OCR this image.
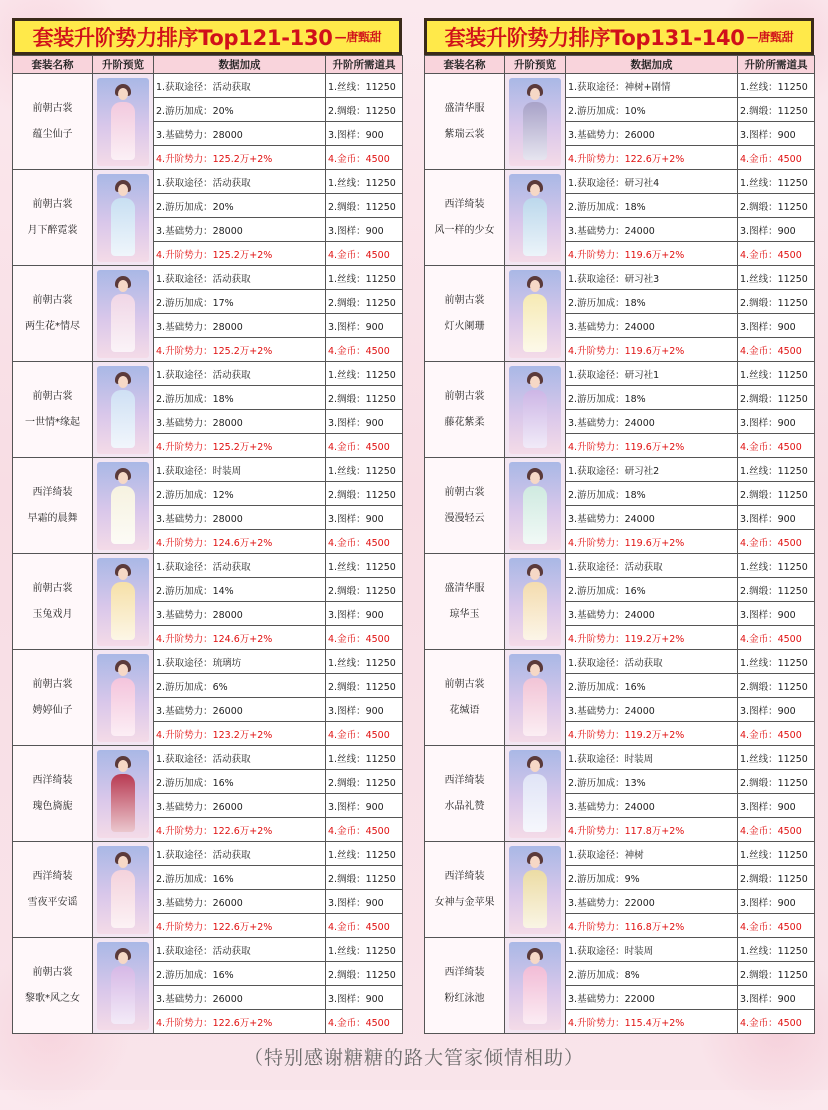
套装升阶势力排序Top121-130 —唐甄甜
套装名称	升阶预览	数据加成	升阶所需道具

前朝古裳
蕴尘仙子		1.获取途径：活动获取	1.丝线：11250
		2.游历加成：20%	2.绸缎：11250
		3.基础势力：28000	3.图样：900
		4.升阶势力：125.2万+2%	4.金币：4500

前朝古裳
月下醉霓裳		1.获取途径：活动获取	1.丝线：11250
		2.游历加成：20%	2.绸缎：11250
		3.基础势力：28000	3.图样：900
		4.升阶势力：125.2万+2%	4.金币：4500

前朝古裳
两生花*情尽		1.获取途径：活动获取	1.丝线：11250
		2.游历加成：17%	2.绸缎：11250
		3.基础势力：28000	3.图样：900
		4.升阶势力：125.2万+2%	4.金币：4500

前朝古裳
一世情*缘起		1.获取途径：活动获取	1.丝线：11250
		2.游历加成：18%	2.绸缎：11250
		3.基础势力：28000	3.图样：900
		4.升阶势力：125.2万+2%	4.金币：4500

西洋绮装
早霜的晨舞		1.获取途径：时装周	1.丝线：11250
		2.游历加成：12%	2.绸缎：11250
		3.基础势力：28000	3.图样：900
		4.升阶势力：124.6万+2%	4.金币：4500

前朝古裳
玉兔戏月		1.获取途径：活动获取	1.丝线：11250
		2.游历加成：14%	2.绸缎：11250
		3.基础势力：28000	3.图样：900
		4.升阶势力：124.6万+2%	4.金币：4500

前朝古裳
娉婷仙子		1.获取途径：琉璃坊	1.丝线：11250
		2.游历加成：6%	2.绸缎：11250
		3.基础势力：26000	3.图样：900
		4.升阶势力：123.2万+2%	4.金币：4500

西洋绮装
瑰色旖旎		1.获取途径：活动获取	1.丝线：11250
		2.游历加成：16%	2.绸缎：11250
		3.基础势力：26000	3.图样：900
		4.升阶势力：122.6万+2%	4.金币：4500

西洋绮装
雪夜平安谣		1.获取途径：活动获取	1.丝线：11250
		2.游历加成：16%	2.绸缎：11250
		3.基础势力：26000	3.图样：900
		4.升阶势力：122.6万+2%	4.金币：4500

前朝古裳
黎歌*风之女		1.获取途径：活动获取	1.丝线：11250
		2.游历加成：16%	2.绸缎：11250
		3.基础势力：26000	3.图样：900
		4.升阶势力：122.6万+2%	4.金币：4500
套装升阶势力排序Top131-140 —唐甄甜
套装名称	升阶预览	数据加成	升阶所需道具

盛清华服
紫瑞云裳		1.获取途径：神树+剧情	1.丝线：11250
		2.游历加成：10%	2.绸缎：11250
		3.基础势力：26000	3.图样：900
		4.升阶势力：122.6万+2%	4.金币：4500

西洋绮装
风一样的少女		1.获取途径：研习社4	1.丝线：11250
		2.游历加成：18%	2.绸缎：11250
		3.基础势力：24000	3.图样：900
		4.升阶势力：119.6万+2%	4.金币：4500

前朝古裳
灯火阑珊		1.获取途径：研习社3	1.丝线：11250
		2.游历加成：18%	2.绸缎：11250
		3.基础势力：24000	3.图样：900
		4.升阶势力：119.6万+2%	4.金币：4500

前朝古裳
藤花紫柔		1.获取途径：研习社1	1.丝线：11250
		2.游历加成：18%	2.绸缎：11250
		3.基础势力：24000	3.图样：900
		4.升阶势力：119.6万+2%	4.金币：4500

前朝古裳
漫漫轻云		1.获取途径：研习社2	1.丝线：11250
		2.游历加成：18%	2.绸缎：11250
		3.基础势力：24000	3.图样：900
		4.升阶势力：119.6万+2%	4.金币：4500

盛清华服
琼华玉		1.获取途径：活动获取	1.丝线：11250
		2.游历加成：16%	2.绸缎：11250
		3.基础势力：24000	3.图样：900
		4.升阶势力：119.2万+2%	4.金币：4500

前朝古裳
花缄语		1.获取途径：活动获取	1.丝线：11250
		2.游历加成：16%	2.绸缎：11250
		3.基础势力：24000	3.图样：900
		4.升阶势力：119.2万+2%	4.金币：4500

西洋绮装
水晶礼赞		1.获取途径：时装周	1.丝线：11250
		2.游历加成：13%	2.绸缎：11250
		3.基础势力：24000	3.图样：900
		4.升阶势力：117.8万+2%	4.金币：4500

西洋绮装
女神与金苹果		1.获取途径：神树	1.丝线：11250
		2.游历加成：9%	2.绸缎：11250
		3.基础势力：22000	3.图样：900
		4.升阶势力：116.8万+2%	4.金币：4500

西洋绮装
粉红泳池		1.获取途径：时装周	1.丝线：11250
		2.游历加成：8%	2.绸缎：11250
		3.基础势力：22000	3.图样：900
		4.升阶势力：115.4万+2%	4.金币：4500
（特别感谢糖糖的路大管家倾情相助）
